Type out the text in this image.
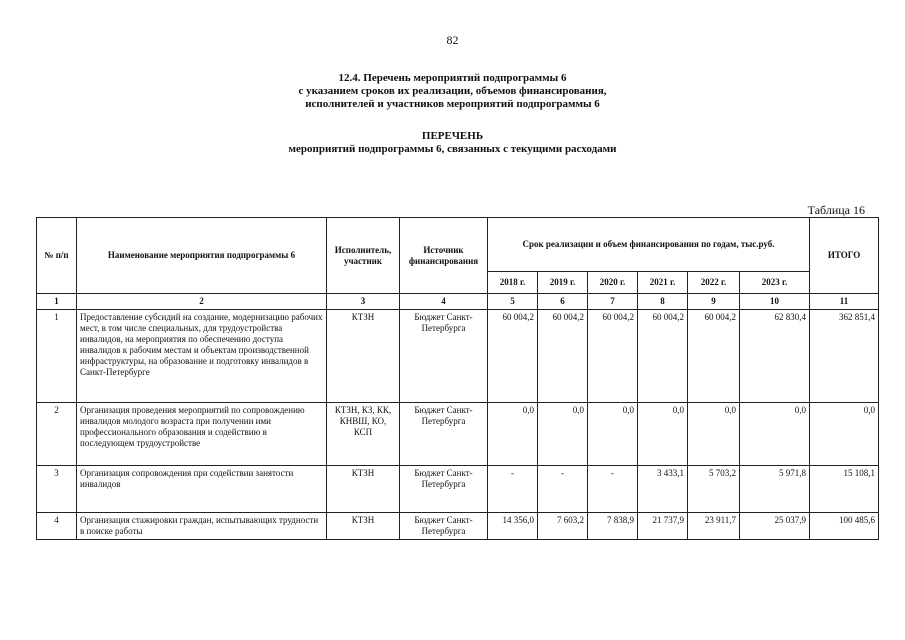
82
12.4. Перечень мероприятий подпрограммы 6
с указанием сроков их реализации, объемов финансирования,
исполнителей и участников мероприятий подпрограммы 6
ПЕРЕЧЕНЬ
мероприятий подпрограммы 6, связанных с текущими расходами
Таблица 16
№ п/п	Наименование мероприятия подпрограммы 6	Исполнитель, участник	Источник финансирования	Срок реализации и объем финансирования по годам, тыс.руб.						ИТОГО
				2018 г.	2019 г.	2020 г.	2021 г.	2022 г.	2023 г.	
1	2	3	4	5	6	7	8	9	10	11
1	Предоставление субсидий на создание, модернизацию рабочих мест, в том числе специальных, для трудоустройства инвалидов, на мероприятия по обеспечению доступа инвалидов к рабочим местам и объектам производственной инфраструктуры, на образование и подготовку инвалидов в Санкт-Петербурге	КТЗН	Бюджет Санкт-Петербурга	60 004,2	60 004,2	60 004,2	60 004,2	60 004,2	62 830,4	362 851,4
2	Организация проведения мероприятий по сопровождению инвалидов молодого возраста при получении ими профессионального образования и содействию в последующем трудоустройстве	КТЗН, КЗ, КК, КНВШ, КО, КСП	Бюджет Санкт-Петербурга	0,0	0,0	0,0	0,0	0,0	0,0	0,0
3	Организация сопровождения при содействии занятости инвалидов	КТЗН	Бюджет Санкт-Петербурга	-	-	-	3 433,1	5 703,2	5 971,8	15 108,1
4	Организация стажировки граждан, испытывающих трудности в поиске работы	КТЗН	Бюджет Санкт-Петербурга	14 356,0	7 603,2	7 838,9	21 737,9	23 911,7	25 037,9	100 485,6
